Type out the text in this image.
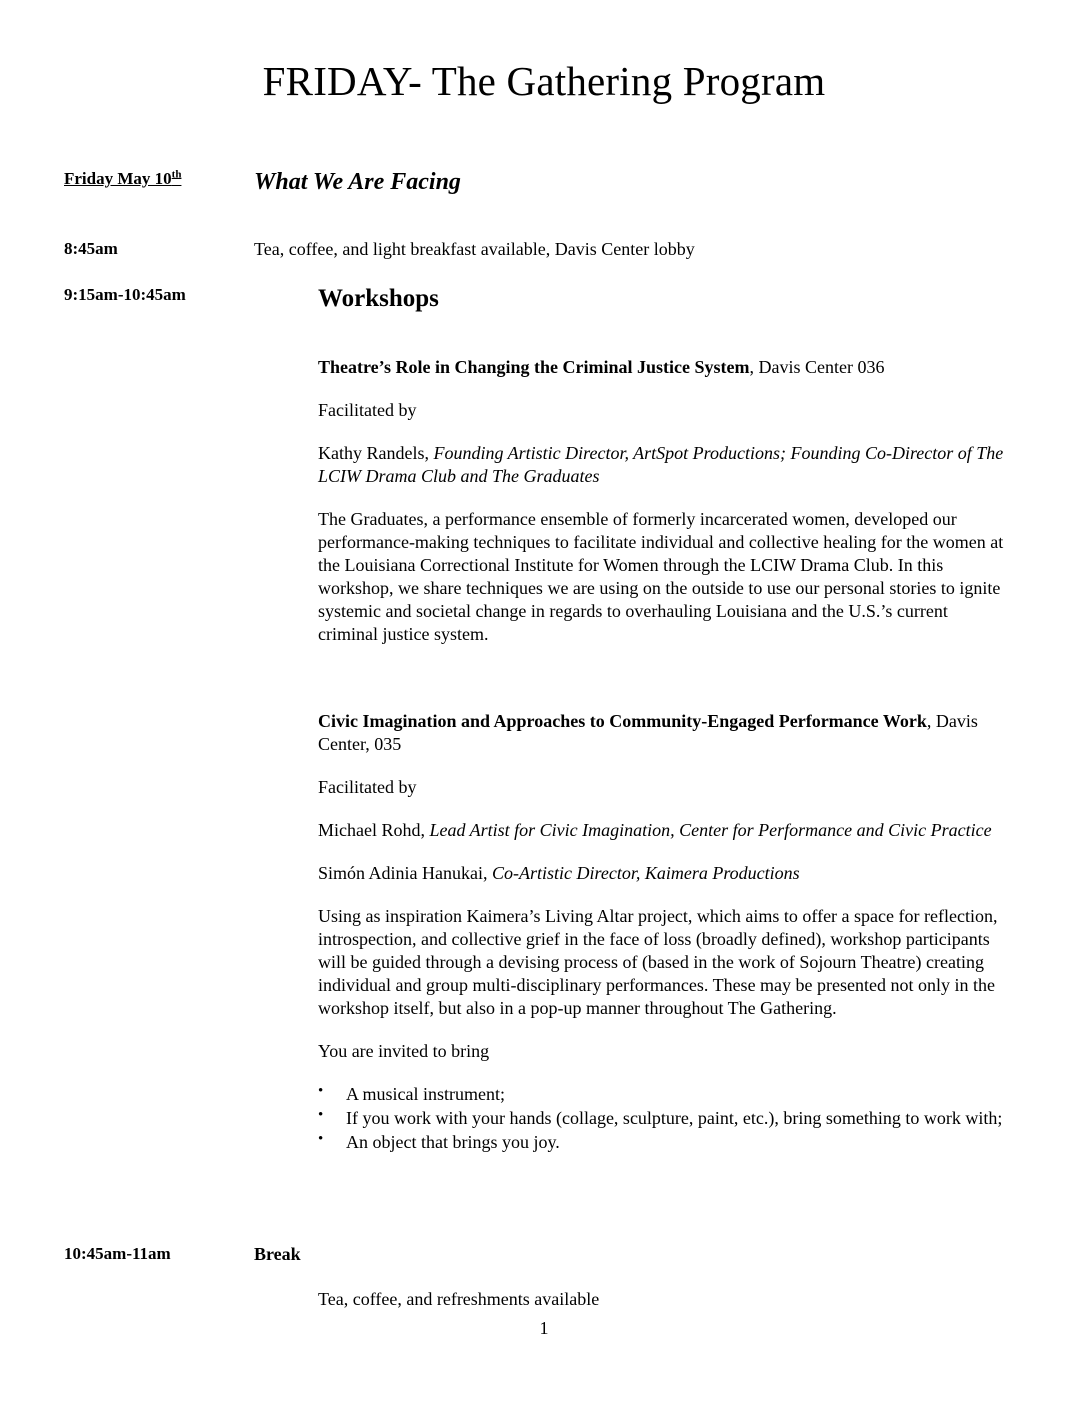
FRIDAY- The Gathering Program
Friday May 10th	What We Are Facing
8:45am	Tea, coffee, and light breakfast available, Davis Center lobby
9:15am-10:45am	Workshops

Theatre’s Role in Changing the Criminal Justice System, Davis Center 036

Facilitated by

Kathy Randels, Founding Artistic Director, ArtSpot Productions; Founding Co-Director of The LCIW Drama Club and The Graduates

The Graduates, a performance ensemble of formerly incarcerated women, developed our performance-making techniques to facilitate individual and collective healing for the women at the Louisiana Correctional Institute for Women through the LCIW Drama Club. In this workshop, we share techniques we are using on the outside to use our personal stories to ignite systemic and societal change in regards to overhauling Louisiana and the U.S.’s current criminal justice system.

Civic Imagination and Approaches to Community-Engaged Performance Work, Davis Center, 035

Facilitated by

Michael Rohd, Lead Artist for Civic Imagination, Center for Performance and Civic Practice

Simón Adinia Hanukai, Co-Artistic Director, Kaimera Productions

Using as inspiration Kaimera’s Living Altar project, which aims to offer a space for reflection, introspection, and collective grief in the face of loss (broadly defined), workshop participants will be guided through a devising process of (based in the work of Sojourn Theatre) creating individual and group multi-disciplinary performances. These may be presented not only in the workshop itself, but also in a pop-up manner throughout The Gathering.

You are invited to bring

• A musical instrument;
• If you work with your hands (collage, sculpture, paint, etc.), bring something to work with;
• An object that brings you joy.
10:45am-11am	Break
Tea, coffee, and refreshments available
1
